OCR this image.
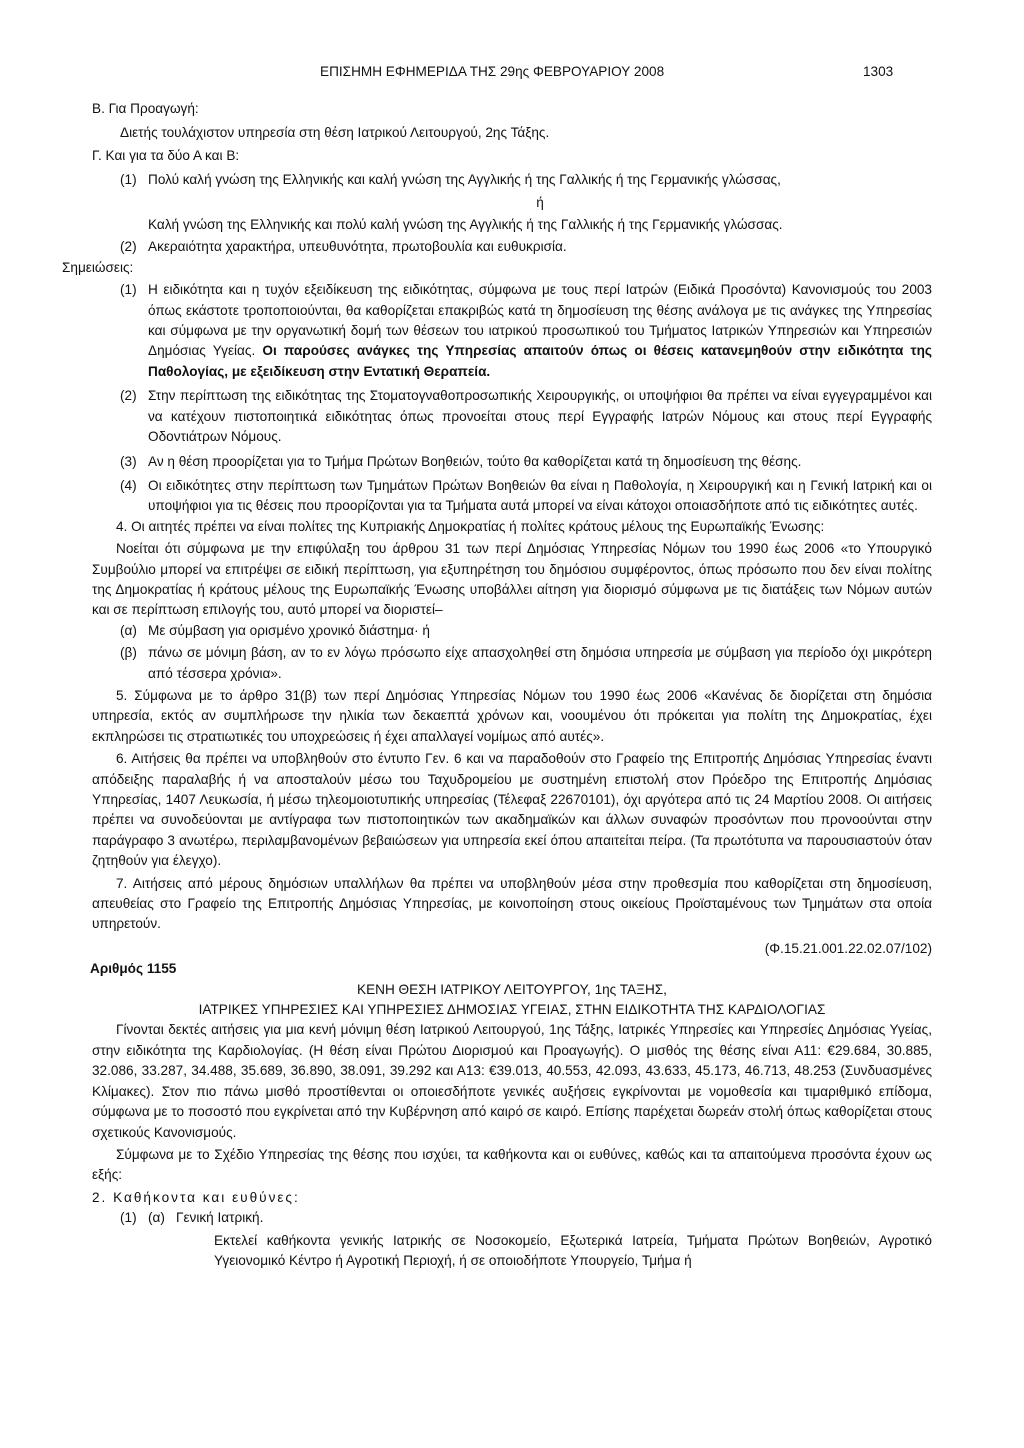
ΕΠΙΣΗΜΗ ΕΦΗΜΕΡΙΔΑ ΤΗΣ 29ης ΦΕΒΡΟΥΑΡΙΟΥ 2008	1303

Β. Για Προαγωγή:

Διετής τουλάχιστον υπηρεσία στη θέση Ιατρικού Λειτουργού, 2ης Τάξης.

Γ. Και για τα δύο Α και Β:

(1) Πολύ καλή γνώση της Ελληνικής και καλή γνώση της Αγγλικής ή της Γαλλικής ή της Γερμανικής γλώσσας,

ή

Καλή γνώση της Ελληνικής και πολύ καλή γνώση της Αγγλικής ή της Γαλλικής ή της Γερμανικής γλώσσας.

(2) Ακεραιότητα χαρακτήρα, υπευθυνότητα, πρωτοβουλία και ευθυκρισία.

Σημειώσεις:

(1) Η ειδικότητα και η τυχόν εξειδίκευση της ειδικότητας, σύμφωνα με τους περί Ιατρών (Ειδικά Προσόντα) Κανονισμούς του 2003 όπως εκάστοτε τροποποιούνται, θα καθορίζεται επακριβώς κατά τη δημοσίευση της θέσης ανάλογα με τις ανάγκες της Υπηρεσίας και σύμφωνα με την οργανωτική δομή των θέσεων του ιατρικού προσωπικού του Τμήματος Ιατρικών Υπηρεσιών και Υπηρεσιών Δημόσιας Υγείας. Οι παρούσες ανάγκες της Υπηρεσίας απαιτούν όπως οι θέσεις κατανεμηθούν στην ειδικότητα της Παθολογίας, με εξειδίκευση στην Εντατική Θεραπεία.

(2) Στην περίπτωση της ειδικότητας της Στοματογναθοπροσωπικής Χειρουργικής, οι υποψήφιοι θα πρέπει να είναι εγγεγραμμένοι και να κατέχουν πιστοποιητικά ειδικότητας όπως προνοείται στους περί Εγγραφής Ιατρών Νόμους και στους περί Εγγραφής Οδοντιάτρων Νόμους.

(3) Αν η θέση προορίζεται για το Τμήμα Πρώτων Βοηθειών, τούτο θα καθορίζεται κατά τη δημοσίευση της θέσης.

(4) Οι ειδικότητες στην περίπτωση των Τμημάτων Πρώτων Βοηθειών θα είναι η Παθολογία, η Χειρουργική και η Γενική Ιατρική και οι υποψήφιοι για τις θέσεις που προορίζονται για τα Τμήματα αυτά μπορεί να είναι κάτοχοι οποιασδήποτε από τις ειδικότητες αυτές.

4. Οι αιτητές πρέπει να είναι πολίτες της Κυπριακής Δημοκρατίας ή πολίτες κράτους μέλους της Ευρωπαϊκής Ένωσης:

Νοείται ότι σύμφωνα με την επιφύλαξη του άρθρου 31 των περί Δημόσιας Υπηρεσίας Νόμων του 1990 έως 2006 «το Υπουργικό Συμβούλιο μπορεί να επιτρέψει σε ειδική περίπτωση, για εξυπηρέτηση του δημόσιου συμφέροντος, όπως πρόσωπο που δεν είναι πολίτης της Δημοκρατίας ή κράτους μέλους της Ευρωπαϊκής Ένωσης υποβάλλει αίτηση για διορισμό σύμφωνα με τις διατάξεις των Νόμων αυτών και σε περίπτωση επιλογής του, αυτό μπορεί να διοριστεί–

(α) Με σύμβαση για ορισμένο χρονικό διάστημα· ή

(β) πάνω σε μόνιμη βάση, αν το εν λόγω πρόσωπο είχε απασχοληθεί στη δημόσια υπηρεσία με σύμβαση για περίοδο όχι μικρότερη από τέσσερα χρόνια».

5. Σύμφωνα με το άρθρο 31(β) των περί Δημόσιας Υπηρεσίας Νόμων του 1990 έως 2006 «Κανένας δε διορίζεται στη δημόσια υπηρεσία, εκτός αν συμπλήρωσε την ηλικία των δεκαεπτά χρόνων και, νοουμένου ότι πρόκειται για πολίτη της Δημοκρατίας, έχει εκπληρώσει τις στρατιωτικές του υποχρεώσεις ή έχει απαλλαγεί νομίμως από αυτές».

6. Αιτήσεις θα πρέπει να υποβληθούν στο έντυπο Γεν. 6 και να παραδοθούν στο Γραφείο της Επιτροπής Δημόσιας Υπηρεσίας έναντι απόδειξης παραλαβής ή να αποσταλούν μέσω του Ταχυδρομείου με συστημένη επιστολή στον Πρόεδρο της Επιτροπής Δημόσιας Υπηρεσίας, 1407 Λευκωσία, ή μέσω τηλεομοιοτυπικής υπηρεσίας (Τέλεφαξ 22670101), όχι αργότερα από τις 24 Μαρτίου 2008. Οι αιτήσεις πρέπει να συνοδεύονται με αντίγραφα των πιστοποιητικών των ακαδημαϊκών και άλλων συναφών προσόντων που προνοούνται στην παράγραφο 3 ανωτέρω, περιλαμβανομένων βεβαιώσεων για υπηρεσία εκεί όπου απαιτείται πείρα. (Τα πρωτότυπα να παρουσιαστούν όταν ζητηθούν για έλεγχο).

7. Αιτήσεις από μέρους δημόσιων υπαλλήλων θα πρέπει να υποβληθούν μέσα στην προθεσμία που καθορίζεται στη δημοσίευση, απευθείας στο Γραφείο της Επιτροπής Δημόσιας Υπηρεσίας, με κοινοποίηση στους οικείους Προϊσταμένους των Τμημάτων στα οποία υπηρετούν.

(Φ.15.21.001.22.02.07/102)

Αριθμός 1155

ΚΕΝΗ ΘΕΣΗ ΙΑΤΡΙΚΟΥ ΛΕΙΤΟΥΡΓΟΥ, 1ης ΤΑΞΗΣ,

ΙΑΤΡΙΚΕΣ ΥΠΗΡΕΣΙΕΣ ΚΑΙ ΥΠΗΡΕΣΙΕΣ ΔΗΜΟΣΙΑΣ ΥΓΕΙΑΣ, ΣΤΗΝ ΕΙΔΙΚΟΤΗΤΑ ΤΗΣ ΚΑΡΔΙΟΛΟΓΙΑΣ

Γίνονται δεκτές αιτήσεις για μια κενή μόνιμη θέση Ιατρικού Λειτουργού, 1ης Τάξης, Ιατρικές Υπηρεσίες και Υπηρεσίες Δημόσιας Υγείας, στην ειδικότητα της Καρδιολογίας. (Η θέση είναι Πρώτου Διορισμού και Προαγωγής). Ο μισθός της θέσης είναι Α11: €29.684, 30.885, 32.086, 33.287, 34.488, 35.689, 36.890, 38.091, 39.292 και Α13: €39.013, 40.553, 42.093, 43.633, 45.173, 46.713, 48.253 (Συνδυασμένες Κλίμακες). Στον πιο πάνω μισθό προστίθενται οι οποιεσδήποτε γενικές αυξήσεις εγκρίνονται με νομοθεσία και τιμαριθμικό επίδομα, σύμφωνα με το ποσοστό που εγκρίνεται από την Κυβέρνηση από καιρό σε καιρό. Επίσης παρέχεται δωρεάν στολή όπως καθορίζεται στους σχετικούς Κανονισμούς.

Σύμφωνα με το Σχέδιο Υπηρεσίας της θέσης που ισχύει, τα καθήκοντα και οι ευθύνες, καθώς και τα απαιτούμενα προσόντα έχουν ως εξής:

2. Καθήκοντα και ευθύνες:

(1) (α) Γενική Ιατρική.

Εκτελεί καθήκοντα γενικής Ιατρικής σε Νοσοκομείο, Εξωτερικά Ιατρεία, Τμήματα Πρώτων Βοηθειών, Αγροτικό Υγειονομικό Κέντρο ή Αγροτική Περιοχή, ή σε οποιοδήποτε Υπουργείο, Τμήμα ή
